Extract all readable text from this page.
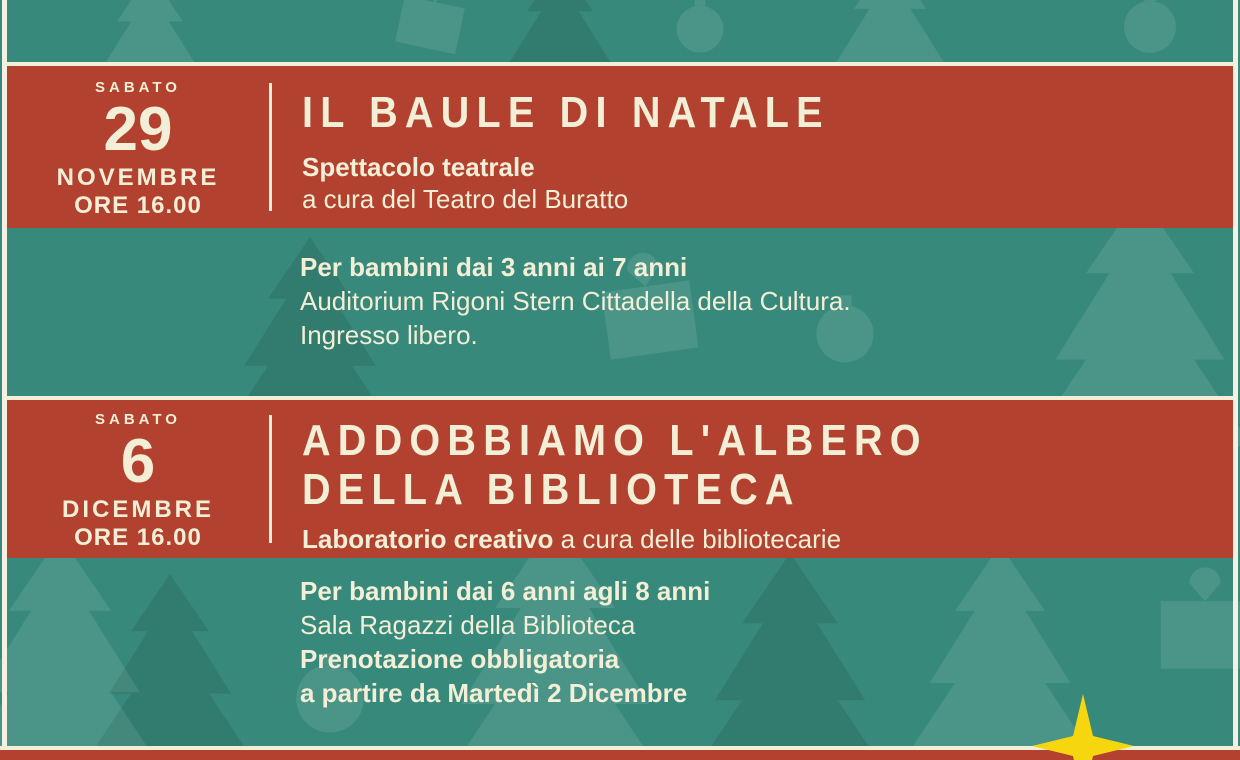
SABATO
29
NOVEMBRE
ORE 16.00
IL BAULE DI NATALE

Spettacolo teatrale

a cura del Teatro del Buratto

Per bambini dai 3 anni ai 7 anni

Auditorium Rigoni Stern Cittadella della Cultura.

Ingresso libero.

SABATO
6
DICEMBRE
ORE 16.00
ADDOBBIAMO L'ALBERO
DELLA BIBLIOTECA

Laboratorio creativo a cura delle bibliotecarie

Per bambini dai 6 anni agli 8 anni

Sala Ragazzi della Biblioteca

Prenotazione obbligatoria

a partire da Martedì 2 Dicembre
